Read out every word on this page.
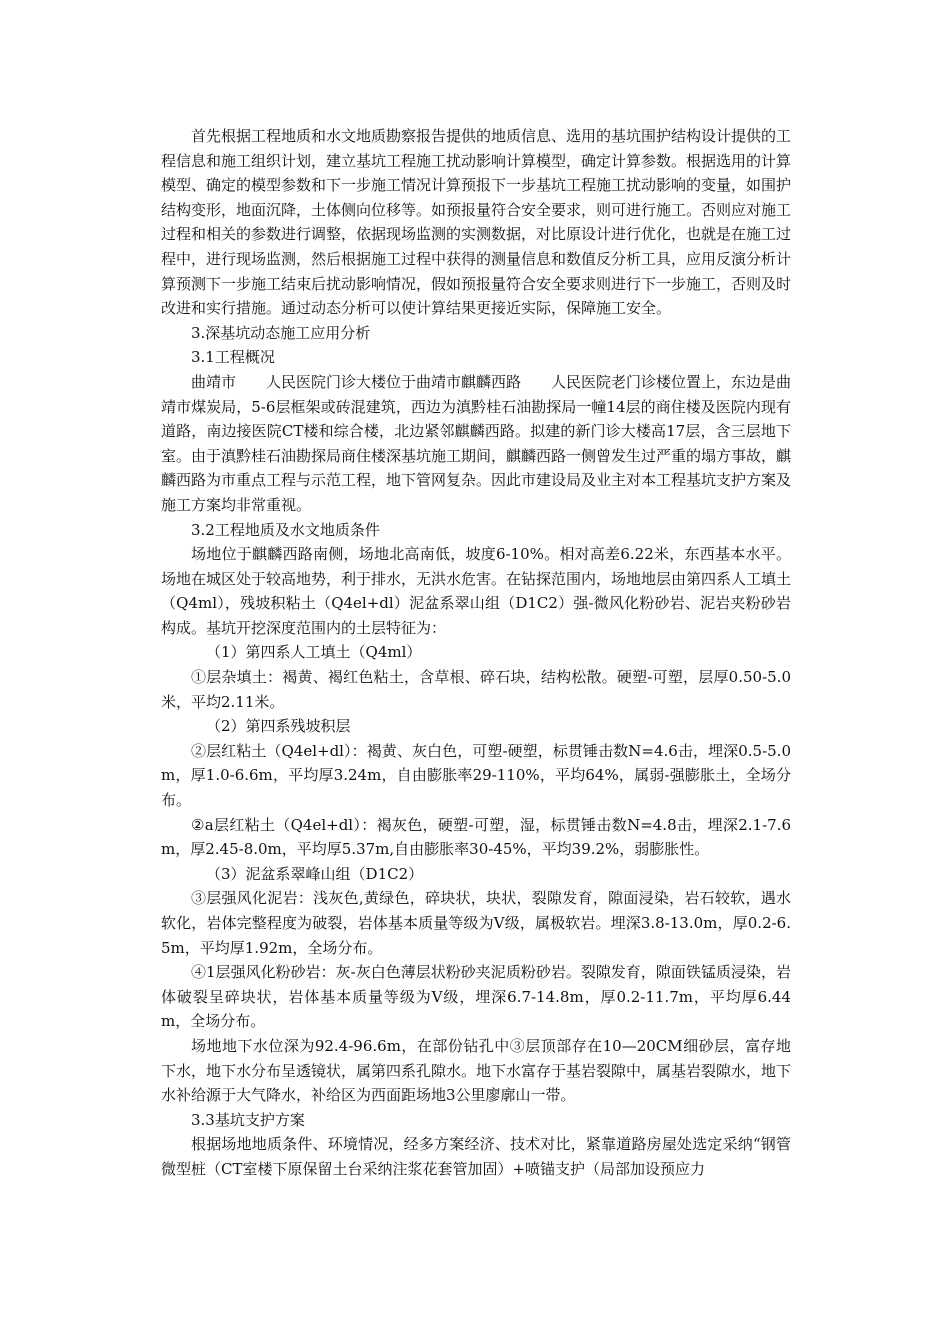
首先根据工程地质和水文地质勘察报告提供的地质信息、选用的基坑围护结构设计提供的工程信息和施工组织计划，建立基坑工程施工扰动影响计算模型，确定计算参数。根据选用的计算模型、确定的模型参数和下一步施工情况计算预报下一步基坑工程施工扰动影响的变量，如围护结构变形，地面沉降，土体侧向位移等。如预报量符合安全要求，则可进行施工。否则应对施工过程和相关的参数进行调整，依据现场监测的实测数据，对比原设计进行优化，也就是在施工过程中，进行现场监测，然后根据施工过程中获得的测量信息和数值反分析工具，应用反演分析计算预测下一步施工结束后扰动影响情况，假如预报量符合安全要求则进行下一步施工，否则及时改进和实行措施。通过动态分析可以使计算结果更接近实际，保障施工安全。

3.深基坑动态施工应用分析

3.1工程概况

曲靖市　　人民医院门诊大楼位于曲靖市麒麟西路　　人民医院老门诊楼位置上，东边是曲靖市煤炭局，5-6层框架或砖混建筑，西边为滇黔桂石油勘探局一幢14层的商住楼及医院内现有道路，南边接医院CT楼和综合楼，北边紧邻麒麟西路。拟建的新门诊大楼高17层，含三层地下室。由于滇黔桂石油勘探局商住楼深基坑施工期间，麒麟西路一侧曾发生过严重的塌方事故，麒麟西路为市重点工程与示范工程，地下管网复杂。因此市建设局及业主对本工程基坑支护方案及施工方案均非常重视。

3.2工程地质及水文地质条件

场地位于麒麟西路南侧，场地北高南低，坡度6-10%。相对高差6.22米，东西基本水平。场地在城区处于较高地势，利于排水，无洪水危害。在钻探范围内，场地地层由第四系人工填土（Q4ml），残坡积粘土（Q4el+dl）泥盆系翠山组（D1C2）强-微风化粉砂岩、泥岩夹粉砂岩构成。基坑开挖深度范围内的土层特征为：

（1）第四系人工填土（Q4ml）

①层杂填土：褐黄、褐红色粘土，含草根、碎石块，结构松散。硬塑-可塑，层厚0.50-5.0米，平均2.11米。

（2）第四系残坡积层

②层红粘土（Q4el+dl）：褐黄、灰白色，可塑-硬塑，标贯锤击数N=4.6击，埋深0.5-5.0m，厚1.0-6.6m，平均厚3.24m，自由膨胀率29-110%，平均64%，属弱-强膨胀土，全场分布。

②a层红粘土（Q4el+dl）：褐灰色，硬塑-可塑，湿，标贯锤击数N=4.8击，埋深2.1-7.6m，厚2.45-8.0m，平均厚5.37m,自由膨胀率30-45%，平均39.2%，弱膨胀性。

（3）泥盆系翠峰山组（D1C2）

③层强风化泥岩：浅灰色,黄绿色，碎块状，块状，裂隙发育，隙面浸染，岩石较软，遇水软化，岩体完整程度为破裂，岩体基本质量等级为V级，属极软岩。埋深3.8-13.0m，厚0.2-6.5m，平均厚1.92m，全场分布。

④1层强风化粉砂岩：灰-灰白色薄层状粉砂夹泥质粉砂岩。裂隙发育，隙面铁锰质浸染，岩体破裂呈碎块状，岩体基本质量等级为V级，埋深6.7-14.8m，厚0.2-11.7m，平均厚6.44m，全场分布。

场地地下水位深为92.4-96.6m，在部份钻孔中③层顶部存在10—20CM细砂层，富存地下水，地下水分布呈透镜状，属第四系孔隙水。地下水富存于基岩裂隙中，属基岩裂隙水，地下水补给源于大气降水，补给区为西面距场地3公里廖廓山一带。

3.3基坑支护方案

根据场地地质条件、环境情况，经多方案经济、技术对比，紧靠道路房屋处选定采纳“钢管微型桩（CT室楼下原保留土台采纳注浆花套管加固）+喷锚支护（局部加设预应力
